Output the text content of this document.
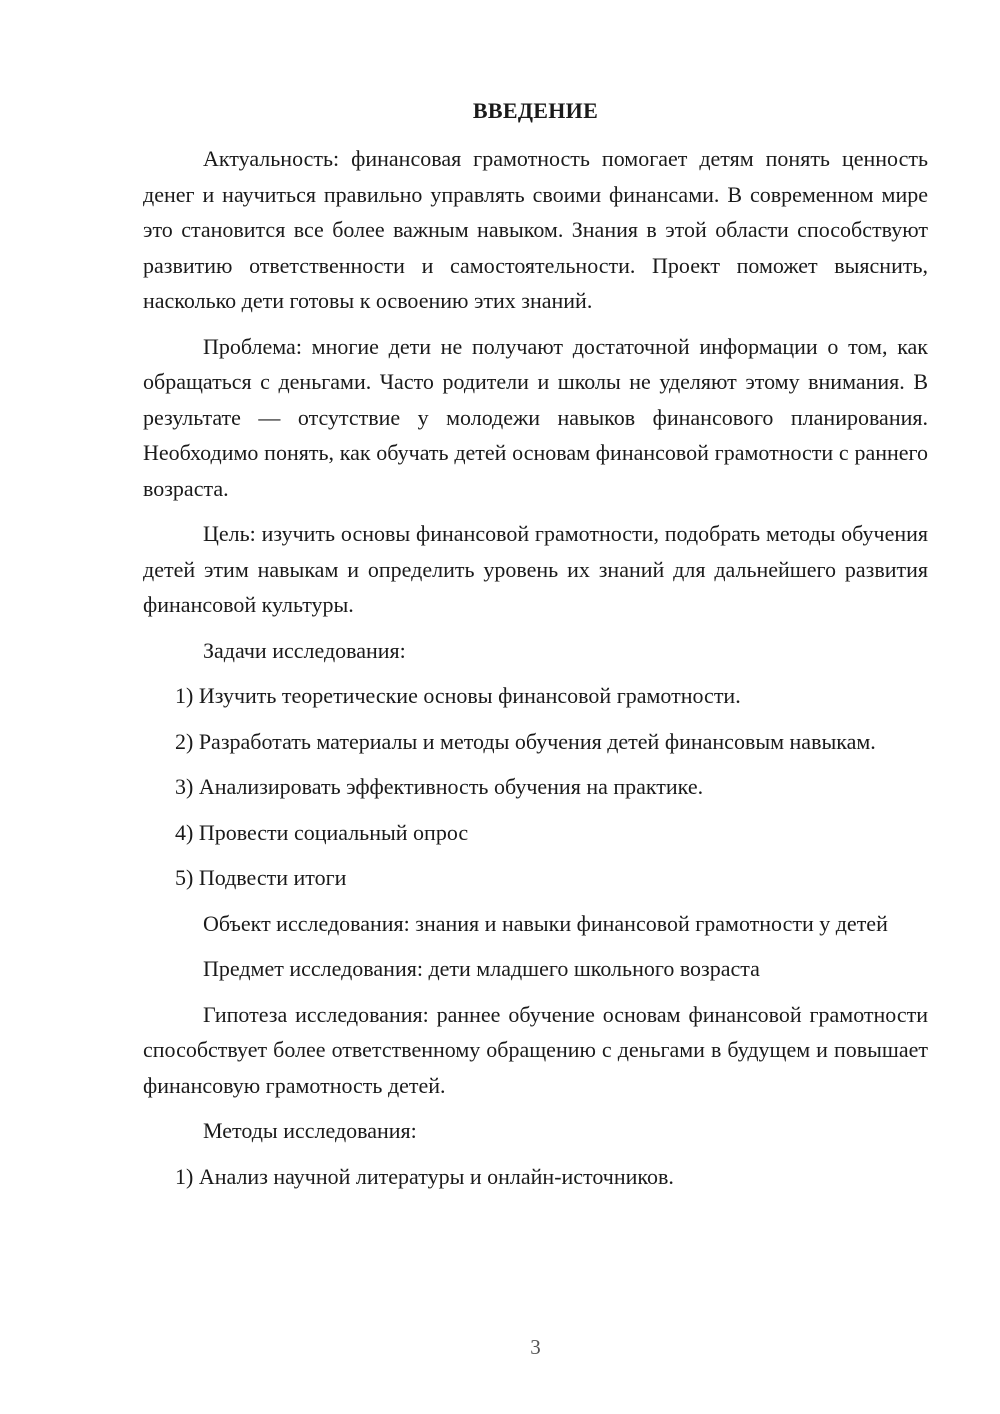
ВВЕДЕНИЕ

Актуальность: финансовая грамотность помогает детям понять ценность денег и научиться правильно управлять своими финансами. В современном мире это становится все более важным навыком. Знания в этой области способствуют развитию ответственности и самостоятельности. Проект поможет выяснить, насколько дети готовы к освоению этих знаний.

Проблема: многие дети не получают достаточной информации о том, как обращаться с деньгами. Часто родители и школы не уделяют этому внимания. В результате — отсутствие у молодежи навыков финансового планирования. Необходимо понять, как обучать детей основам финансовой грамотности с раннего возраста.

Цель: изучить основы финансовой грамотности, подобрать методы обучения детей этим навыкам и определить уровень их знаний для дальнейшего развития финансовой культуры.

Задачи исследования:

1) Изучить теоретические основы финансовой грамотности.

2) Разработать материалы и методы обучения детей финансовым навыкам.

3) Анализировать эффективность обучения на практике.

4) Провести социальный опрос

5) Подвести итоги

Объект исследования: знания и навыки финансовой грамотности у детей

Предмет исследования: дети младшего школьного возраста

Гипотеза исследования: раннее обучение основам финансовой грамотности способствует более ответственному обращению с деньгами в будущем и повышает финансовую грамотность детей.

Методы исследования:

1) Анализ научной литературы и онлайн-источников.

3
